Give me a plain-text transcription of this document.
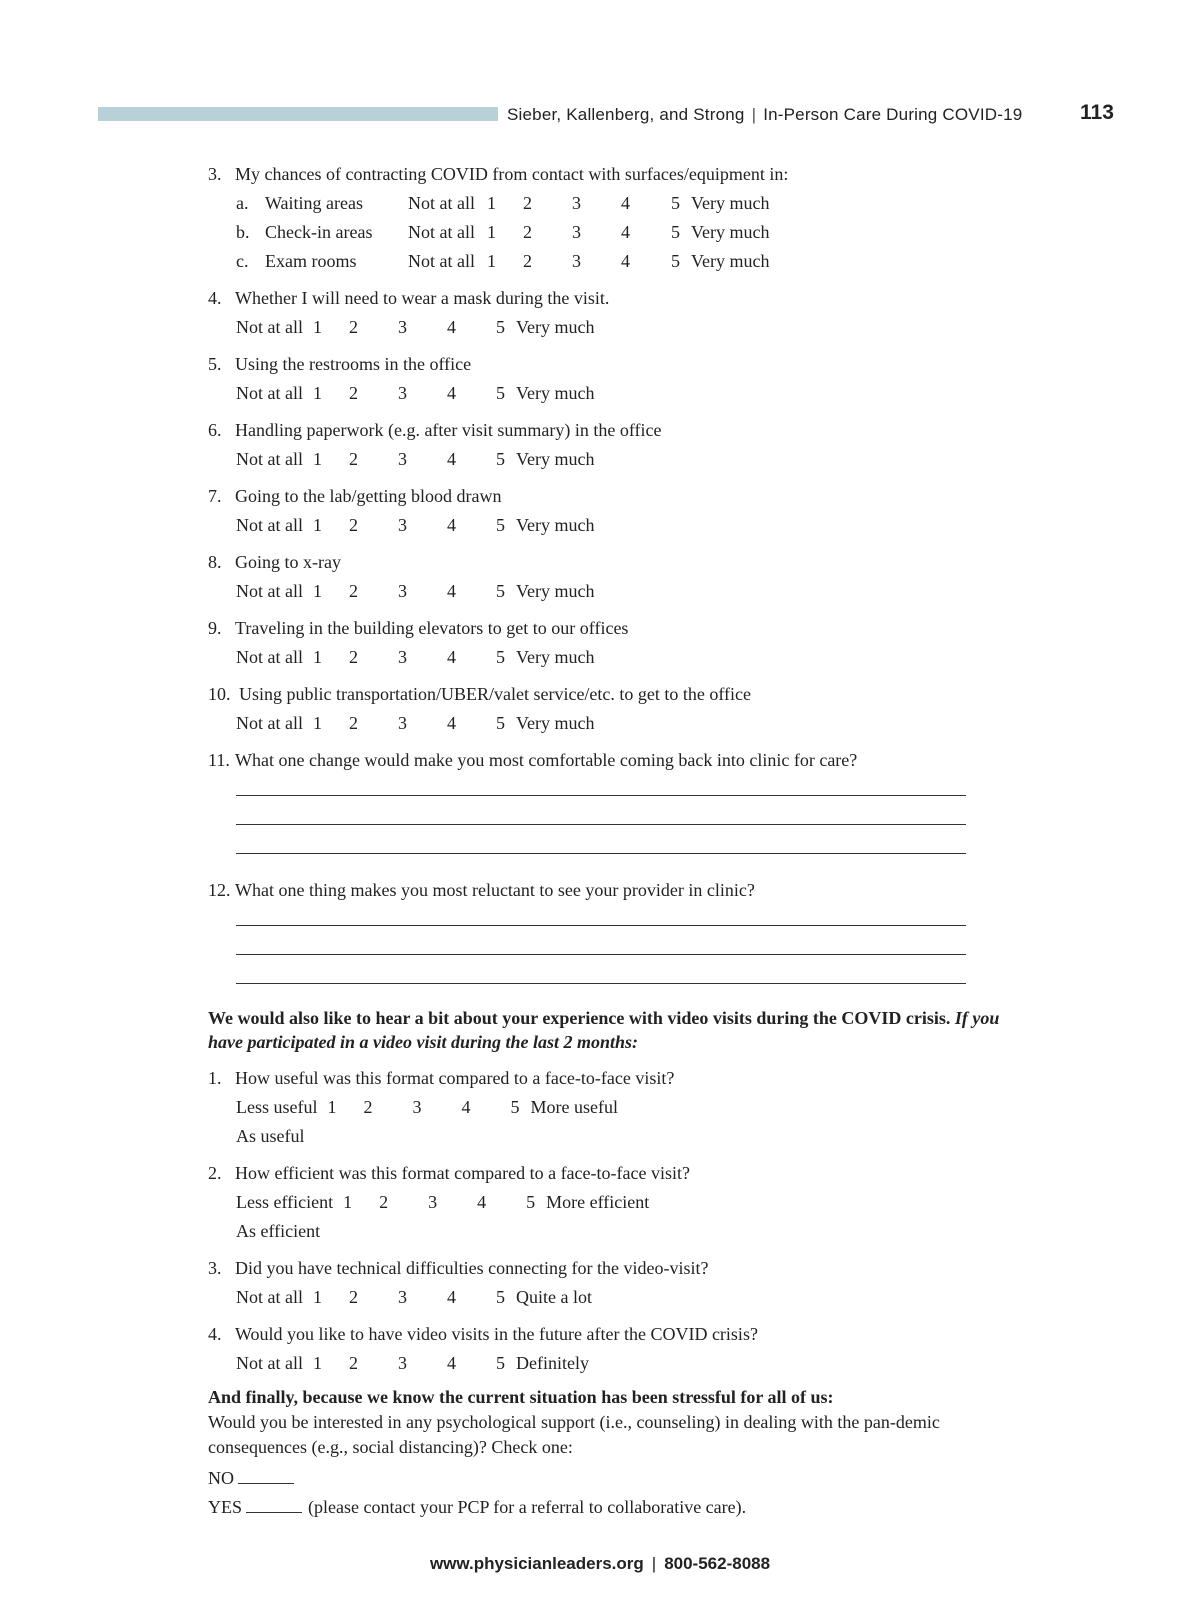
Sieber, Kallenberg, and Strong | In-Person Care During COVID-19	113
3. My chances of contracting COVID from contact with surfaces/equipment in:
a. Waiting areas	Not at all 1	2	3	4	5 Very much
b. Check-in areas	Not at all 1	2	3	4	5 Very much
c. Exam rooms	Not at all 1	2	3	4	5 Very much
4. Whether I will need to wear a mask during the visit.
Not at all 1	2	3	4	5 Very much
5. Using the restrooms in the office
Not at all 1	2	3	4	5 Very much
6. Handling paperwork (e.g. after visit summary) in the office
Not at all 1	2	3	4	5 Very much
7. Going to the lab/getting blood drawn
Not at all 1	2	3	4	5 Very much
8. Going to x-ray
Not at all 1	2	3	4	5 Very much
9. Traveling in the building elevators to get to our offices
Not at all 1	2	3	4	5 Very much
10. Using public transportation/UBER/valet service/etc. to get to the office
Not at all 1	2	3	4	5 Very much
11. What one change would make you most comfortable coming back into clinic for care?
12. What one thing makes you most reluctant to see your provider in clinic?
We would also like to hear a bit about your experience with video visits during the COVID crisis. If you have participated in a video visit during the last 2 months:
1. How useful was this format compared to a face-to-face visit?
Less useful 1	2	3	4	5 More useful
As useful
2. How efficient was this format compared to a face-to-face visit?
Less efficient 1	2	3	4	5 More efficient
As efficient
3. Did you have technical difficulties connecting for the video-visit?
Not at all 1	2	3	4	5 Quite a lot
4. Would you like to have video visits in the future after the COVID crisis?
Not at all 1	2	3	4	5 Definitely
And finally, because we know the current situation has been stressful for all of us:
Would you be interested in any psychological support (i.e., counseling) in dealing with the pan-demic consequences (e.g., social distancing)? Check one:
NO
YES	(please contact your PCP for a referral to collaborative care).
www.physicianleaders.org | 800-562-8088
